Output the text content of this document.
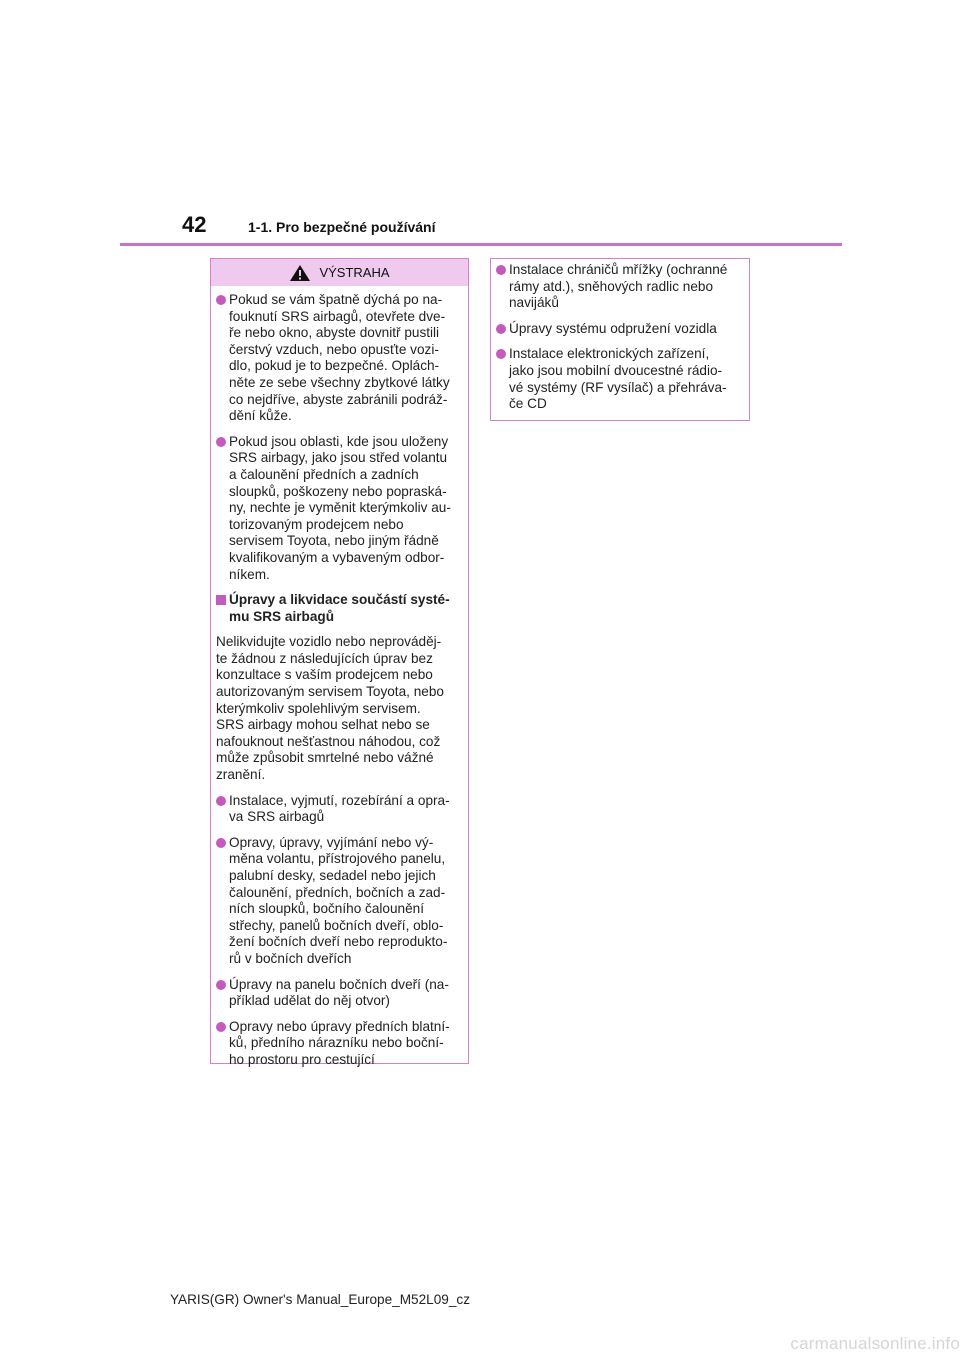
42	1-1. Pro bezpečné používání
VÝSTRAHA
Pokud se vám špatně dýchá po na-
fouknutí SRS airbagů, otevřete dve-
ře nebo okno, abyste dovnitř pustili
čerstvý vzduch, nebo opusťte vozi-
dlo, pokud je to bezpečné. Oplách-
něte ze sebe všechny zbytkové látky
co nejdříve, abyste zabránili podráž-
dění kůže.
Pokud jsou oblasti, kde jsou uloženy
SRS airbagy, jako jsou střed volantu
a čalounění předních a zadních
sloupků, poškozeny nebo popraská-
ny, nechte je vyměnit kterýmkoliv au-
torizovaným prodejcem nebo
servisem Toyota, nebo jiným řádně
kvalifikovaným a vybaveným odbor-
níkem.
Úpravy a likvidace součástí systé-
mu SRS airbagů
Nelikvidujte vozidlo nebo neprováděj-
te žádnou z následujících úprav bez
konzultace s vaším prodejcem nebo
autorizovaným servisem Toyota, nebo
kterýmkoliv spolehlivým servisem.
SRS airbagy mohou selhat nebo se
nafouknout nešťastnou náhodou, což
může způsobit smrtelné nebo vážné
zranění.
Instalace, vyjmutí, rozebírání a opra-
va SRS airbagů
Opravy, úpravy, vyjímání nebo vý-
měna volantu, přístrojového panelu,
palubní desky, sedadel nebo jejich
čalounění, předních, bočních a zad-
ních sloupků, bočního čalounění
střechy, panelů bočních dveří, oblo-
žení bočních dveří nebo reprodukto-
rů v bočních dveřích
Úpravy na panelu bočních dveří (na-
příklad udělat do něj otvor)
Opravy nebo úpravy předních blatní-
ků, předního nárazníku nebo boční-
ho prostoru pro cestující
Instalace chráničů mřížky (ochranné
rámy atd.), sněhových radlic nebo
navijáků
Úpravy systému odpružení vozidla
Instalace elektronických zařízení,
jako jsou mobilní dvoucestné rádio-
vé systémy (RF vysílač) a přehráva-
če CD
YARIS(GR) Owner's Manual_Europe_M52L09_cz
carmanualsonline.info
